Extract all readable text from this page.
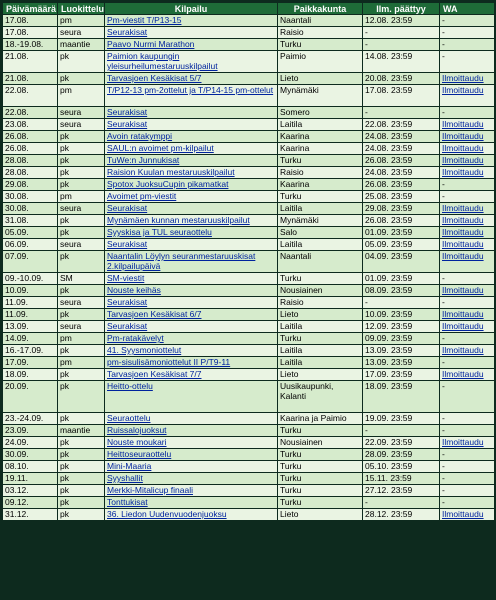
Päivämäärä	Luokittelu	Kilpailu	Paikkakunta	Ilm. päättyy	WA
17.08.	pm	Pm-viestit T/P13-15	Naantali	12.08. 23:59	-
17.08.	seura	Seurakisat	Raisio	-	-
18.-19.08.	maantie	Paavo Nurmi Marathon	Turku	-	-
21.08.	pk	Paimion kaupungin yleisurheilumestaruuskilpailut	Paimio	14.08. 23:59	-
21.08.	pk	Tarvasjoen Kesäkisat 5/7	Lieto	20.08. 23:59	Ilmoittaudu
22.08.	pm	T/P12-13 pm-2ottelut ja T/P14-15 pm-ottelut	Mynämäki	17.08. 23:59	Ilmoittaudu
22.08.	seura	Seurakisat	Somero	-	-
23.08.	seura	Seurakisat	Laitila	22.08. 23:59	Ilmoittaudu
26.08.	pk	Avoin ratakymppi	Kaarina	24.08. 23:59	Ilmoittaudu
26.08.	pk	SAUL:n avoimet pm-kilpailut	Kaarina	24.08. 23:59	Ilmoittaudu
28.08.	pk	TuWe:n Junnukisat	Turku	26.08. 23:59	Ilmoittaudu
28.08.	pk	Raision Kuulan mestaruuskilpailut	Raisio	24.08. 23:59	Ilmoittaudu
29.08.	pk	Spotox JuoksuCupin pikamatkat	Kaarina	26.08. 23:59	-
30.08.	pm	Avoimet pm-viestit	Turku	25.08. 23:59	-
30.08.	seura	Seurakisat	Laitila	29.08. 23:59	Ilmoittaudu
31.08.	pk	Mynämäen kunnan mestaruuskilpailut	Mynämäki	26.08. 23:59	Ilmoittaudu
05.09.	pk	Syyskisa ja TUL seuraottelu	Salo	01.09. 23:59	Ilmoittaudu
06.09.	seura	Seurakisat	Laitila	05.09. 23:59	Ilmoittaudu
07.09.	pk	Naantalin Löylyn seuranmestaruuskisat 2.kilpailupäivä	Naantali	04.09. 23:59	Ilmoittaudu
09.-10.09.	SM	SM-viestit	Turku	01.09. 23:59	-
10.09.	pk	Nouste keihäs	Nousiainen	08.09. 23:59	Ilmoittaudu
11.09.	seura	Seurakisat	Raisio	-	-
11.09.	pk	Tarvasjoen Kesäkisat 6/7	Lieto	10.09. 23:59	Ilmoittaudu
13.09.	seura	Seurakisat	Laitila	12.09. 23:59	Ilmoittaudu
14.09.	pm	Pm-ratakävelyt	Turku	09.09. 23:59	-
16.-17.09.	pk	41. Syysmoniottelut	Laitila	13.09. 23:59	Ilmoittaudu
17.09.	pm	pm-sisulisämoniottelut II P/T9-11	Laitila	13.09. 23:59	-
18.09.	pk	Tarvasjoen Kesäkisat 7/7	Lieto	17.09. 23:59	Ilmoittaudu
20.09.	pk	Heitto-ottelu	Uusikaupunki, Kalanti	18.09. 23:59	-
23.-24.09.	pk	Seuraottelu	Kaarina ja Paimio	19.09. 23:59	-
23.09.	maantie	Ruissalojuoksut	Turku	-	-
24.09.	pk	Nouste moukari	Nousiainen	22.09. 23:59	Ilmoittaudu
30.09.	pk	Heittoseuraottelu	Turku	28.09. 23:59	-
08.10.	pk	Mini-Maaria	Turku	05.10. 23:59	-
19.11.	pk	Syyshallit	Turku	15.11. 23:59	-
03.12.	pk	Merkki-Mitalicup finaali	Turku	27.12. 23:59	-
09.12.	pk	Tonttukisat	Turku	-	-
31.12.	pk	36. Liedon Uudenvuodenjuoksu	Lieto	28.12. 23:59	Ilmoittaudu
